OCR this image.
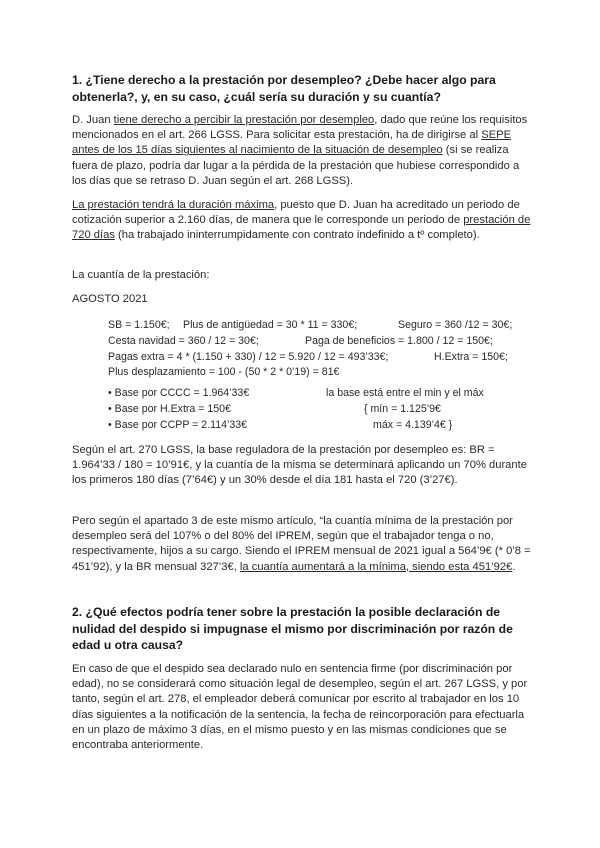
1. ¿Tiene derecho a la prestación por desempleo? ¿Debe hacer algo para
obtenerla?, y, en su caso, ¿cuál sería su duración y su cuantía?
D. Juan tiene derecho a percibir la prestación por desempleo, dado que reúne los requisitos mencionados en el art. 266 LGSS. Para solicitar esta prestación, ha de dirigirse al SEPE antes de los 15 días siguientes al nacimiento de la situación de desempleo (si se realiza fuera de plazo, podría dar lugar a la pérdida de la prestación que hubiese correspondido a los días que se retraso D. Juan según el art. 268 LGSS).
La prestación tendrá la duración máxima, puesto que D. Juan ha acreditado un periodo de cotización superior a 2.160 días, de manera que le corresponde un periodo de prestación de 720 días (ha trabajado ininterrumpidamente con contrato indefinido a tº completo).
La cuantía de la prestación:
AGOSTO 2021
SB = 1.150€; Plus de antigüedad = 30 * 11 = 330€;	Seguro = 360 /12 = 30€;
Cesta navidad = 360 / 12 = 30€;	Paga de beneficios = 1.800 / 12 = 150€;
Pagas extra = 4 * (1.150 + 330) / 12 = 5.920 / 12 = 493’33€;	H.Extra = 150€;
Plus desplazamiento = 100 - (50 * 2 * 0’19) = 81€
• Base por CCCC = 1.964’33€	la base está entre el min y el máx
• Base por H.Extra = 150€	{ mín = 1.125’9€
• Base por CCPP = 2.114’33€	máx = 4.139’4€ }
Según el art. 270 LGSS, la base reguladora de la prestación por desempleo es: BR = 1.964’33 / 180 = 10’91€, y la cuantía de la misma se determinará aplicando un 70% durante los primeros 180 días (7’64€) y un 30% desde el día 181 hasta el 720 (3’27€).
Pero según el apartado 3 de este mismo artículo, “la cuantía mínima de la prestación por desempleo será del 107% o del 80% del IPREM, según que el trabajador tenga o no, respectivamente, hijos a su cargo. Siendo el IPREM mensual de 2021 igual a 564’9€ (* 0’8 = 451’92), y la BR mensual 327’3€, la cuantía aumentará a la mínima, siendo esta 451’92€.
2. ¿Qué efectos podría tener sobre la prestación la posible declaración de
nulidad del despido si impugnase el mismo por discriminación por razón de
edad u otra causa?
En caso de que el despido sea declarado nulo en sentencia firme (por discriminación por edad), no se considerará como situación legal de desempleo, según el art. 267 LGSS, y por tanto, según el art. 278, el empleador deberá comunicar por escrito al trabajador en los 10 días siguientes a la notificación de la sentencia, la fecha de reincorporación para efectuarla en un plazo de máximo 3 días, en el mismo puesto y en las mismas condiciones que se encontraba anteriormente.
